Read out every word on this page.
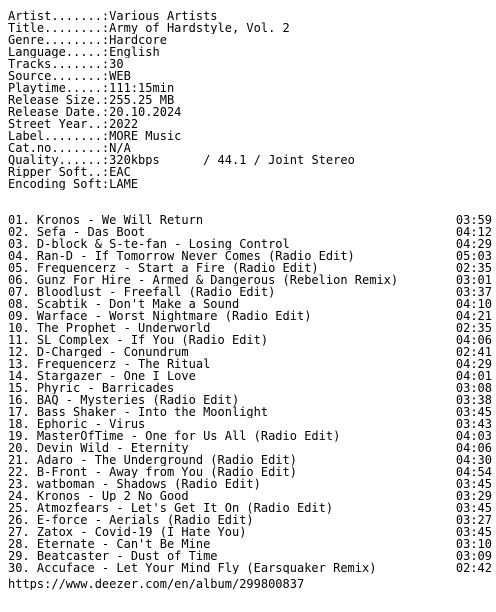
Artist.......: Various Artists
Title........: Army of Hardstyle, Vol. 2
Genre........: Hardcore
Language.....: English
Tracks.......: 30
Source.......: WEB
Playtime.....: 111:15min
Release Size.: 255.25 MB
Release Date.: 20.10.2024
Street Year..: 2022
Label........: MORE Music
Cat.no.......: N/A
Quality......: 320kbps      / 44.1 / Joint Stereo
Ripper Soft..: EAC
Encoding Soft: LAME
01. Kronos - We Will Return	03:59
02. Sefa - Das Boot	04:12
03. D-block & S-te-fan - Losing Control	04:29
04. Ran-D - If Tomorrow Never Comes (Radio Edit)	05:03
05. Frequencerz - Start a Fire (Radio Edit)	02:35
06. Gunz For Hire - Armed & Dangerous (Rebelion Remix)	03:01
07. Bloodlust - Freefall (Radio Edit)	03:37
08. Scabtik - Don't Make a Sound	04:10
09. Warface - Worst Nightmare (Radio Edit)	04:21
10. The Prophet - Underworld	02:35
11. SL Complex - If You (Radio Edit)	04:06
12. D-Charged - Conundrum	02:41
13. Frequencerz - The Ritual	04:29
14. Stargazer - One I Love	04:01
15. Phyric - Barricades	03:08
16. BAQ - Mysteries (Radio Edit)	03:38
17. Bass Shaker - Into the Moonlight	03:45
18. Ephoric - Virus	03:43
19. MasterOfTime - One for Us All (Radio Edit)	04:03
20. Devin Wild - Eternity	04:06
21. Adaro - The Underground (Radio Edit)	04:30
22. B-Front - Away from You (Radio Edit)	04:54
23. watboman - Shadows (Radio Edit)	03:45
24. Kronos - Up 2 No Good	03:29
25. Atmozfears - Let's Get It On (Radio Edit)	03:45
26. E-force - Aerials (Radio Edit)	03:27
27. Zatox - Covid-19 (I Hate You)	03:45
28. Eternate - Can't Be Mine	03:10
29. Beatcaster - Dust of Time	03:09
30. Accuface - Let Your Mind Fly (Earsquaker Remix)	02:42
https://www.deezer.com/en/album/299800837
